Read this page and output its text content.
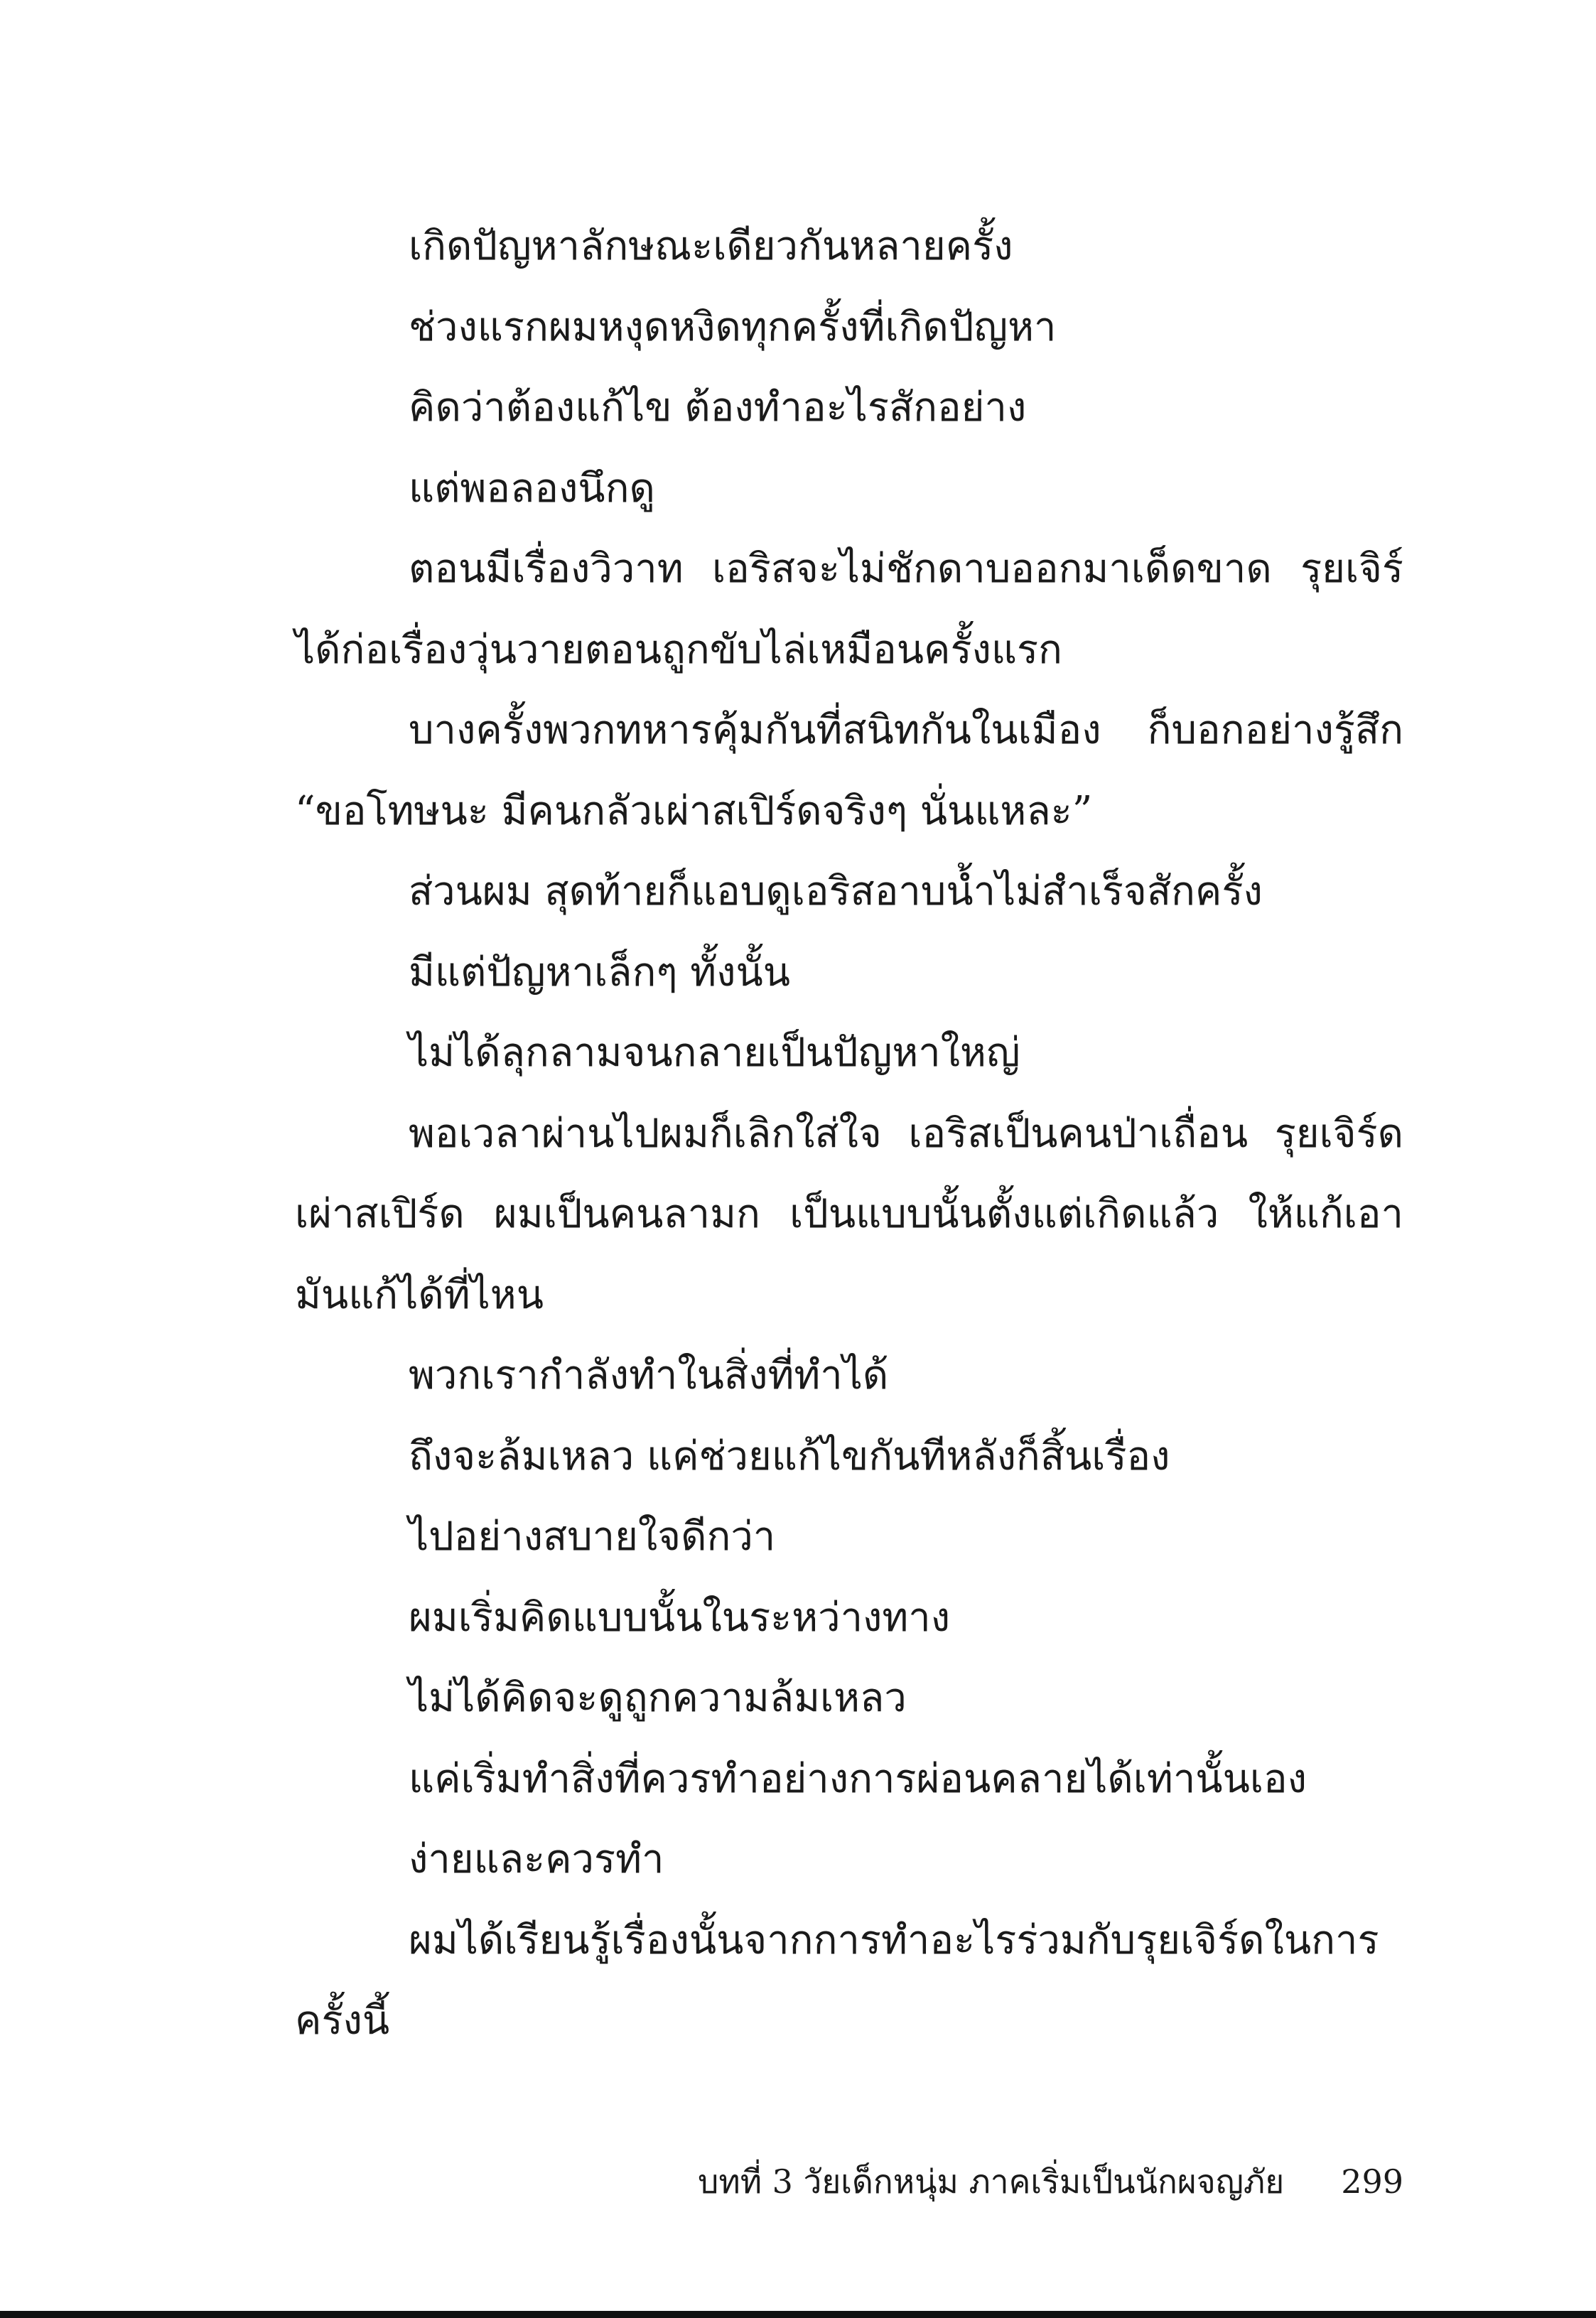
เกิดปัญหาลักษณะเดียวกันหลายครั้ง
ช่วงแรกผมหงุดหงิดทุกครั้งที่เกิดปัญหา
คิดว่าต้องแก้ไข ต้องทำอะไรสักอย่าง
แต่พอลองนึกดู
ตอนมีเรื่องวิวาท เอริสจะไม่ชักดาบออกมาเด็ดขาด รุยเจิร์
ได้ก่อเรื่องวุ่นวายตอนถูกขับไล่เหมือนครั้งแรก
บางครั้งพวกทหารคุ้มกันที่สนิทกันในเมือง ก็บอกอย่างรู้สึก
“ขอโทษนะ มีคนกลัวเผ่าสเปิร์ดจริงๆ นั่นแหละ”
ส่วนผม สุดท้ายก็แอบดูเอริสอาบน้ำไม่สำเร็จสักครั้ง
มีแต่ปัญหาเล็กๆ ทั้งนั้น
ไม่ได้ลุกลามจนกลายเป็นปัญหาใหญ่
พอเวลาผ่านไปผมก็เลิกใส่ใจ เอริสเป็นคนป่าเถื่อน รุยเจิร์ด
เผ่าสเปิร์ด ผมเป็นคนลามก เป็นแบบนั้นตั้งแต่เกิดแล้ว ให้แก้เอา
มันแก้ได้ที่ไหน
พวกเรากำลังทำในสิ่งที่ทำได้
ถึงจะล้มเหลว แค่ช่วยแก้ไขกันทีหลังก็สิ้นเรื่อง
ไปอย่างสบายใจดีกว่า
ผมเริ่มคิดแบบนั้นในระหว่างทาง
ไม่ได้คิดจะดูถูกความล้มเหลว
แค่เริ่มทำสิ่งที่ควรทำอย่างการผ่อนคลายได้เท่านั้นเอง
ง่ายและควรทำ
ผมได้เรียนรู้เรื่องนั้นจากการทำอะไรร่วมกับรุยเจิร์ดในการ
ครั้งนี้
บทที่ 3 วัยเด็กหนุ่ม ภาคเริ่มเป็นนักผจญภัย 299
